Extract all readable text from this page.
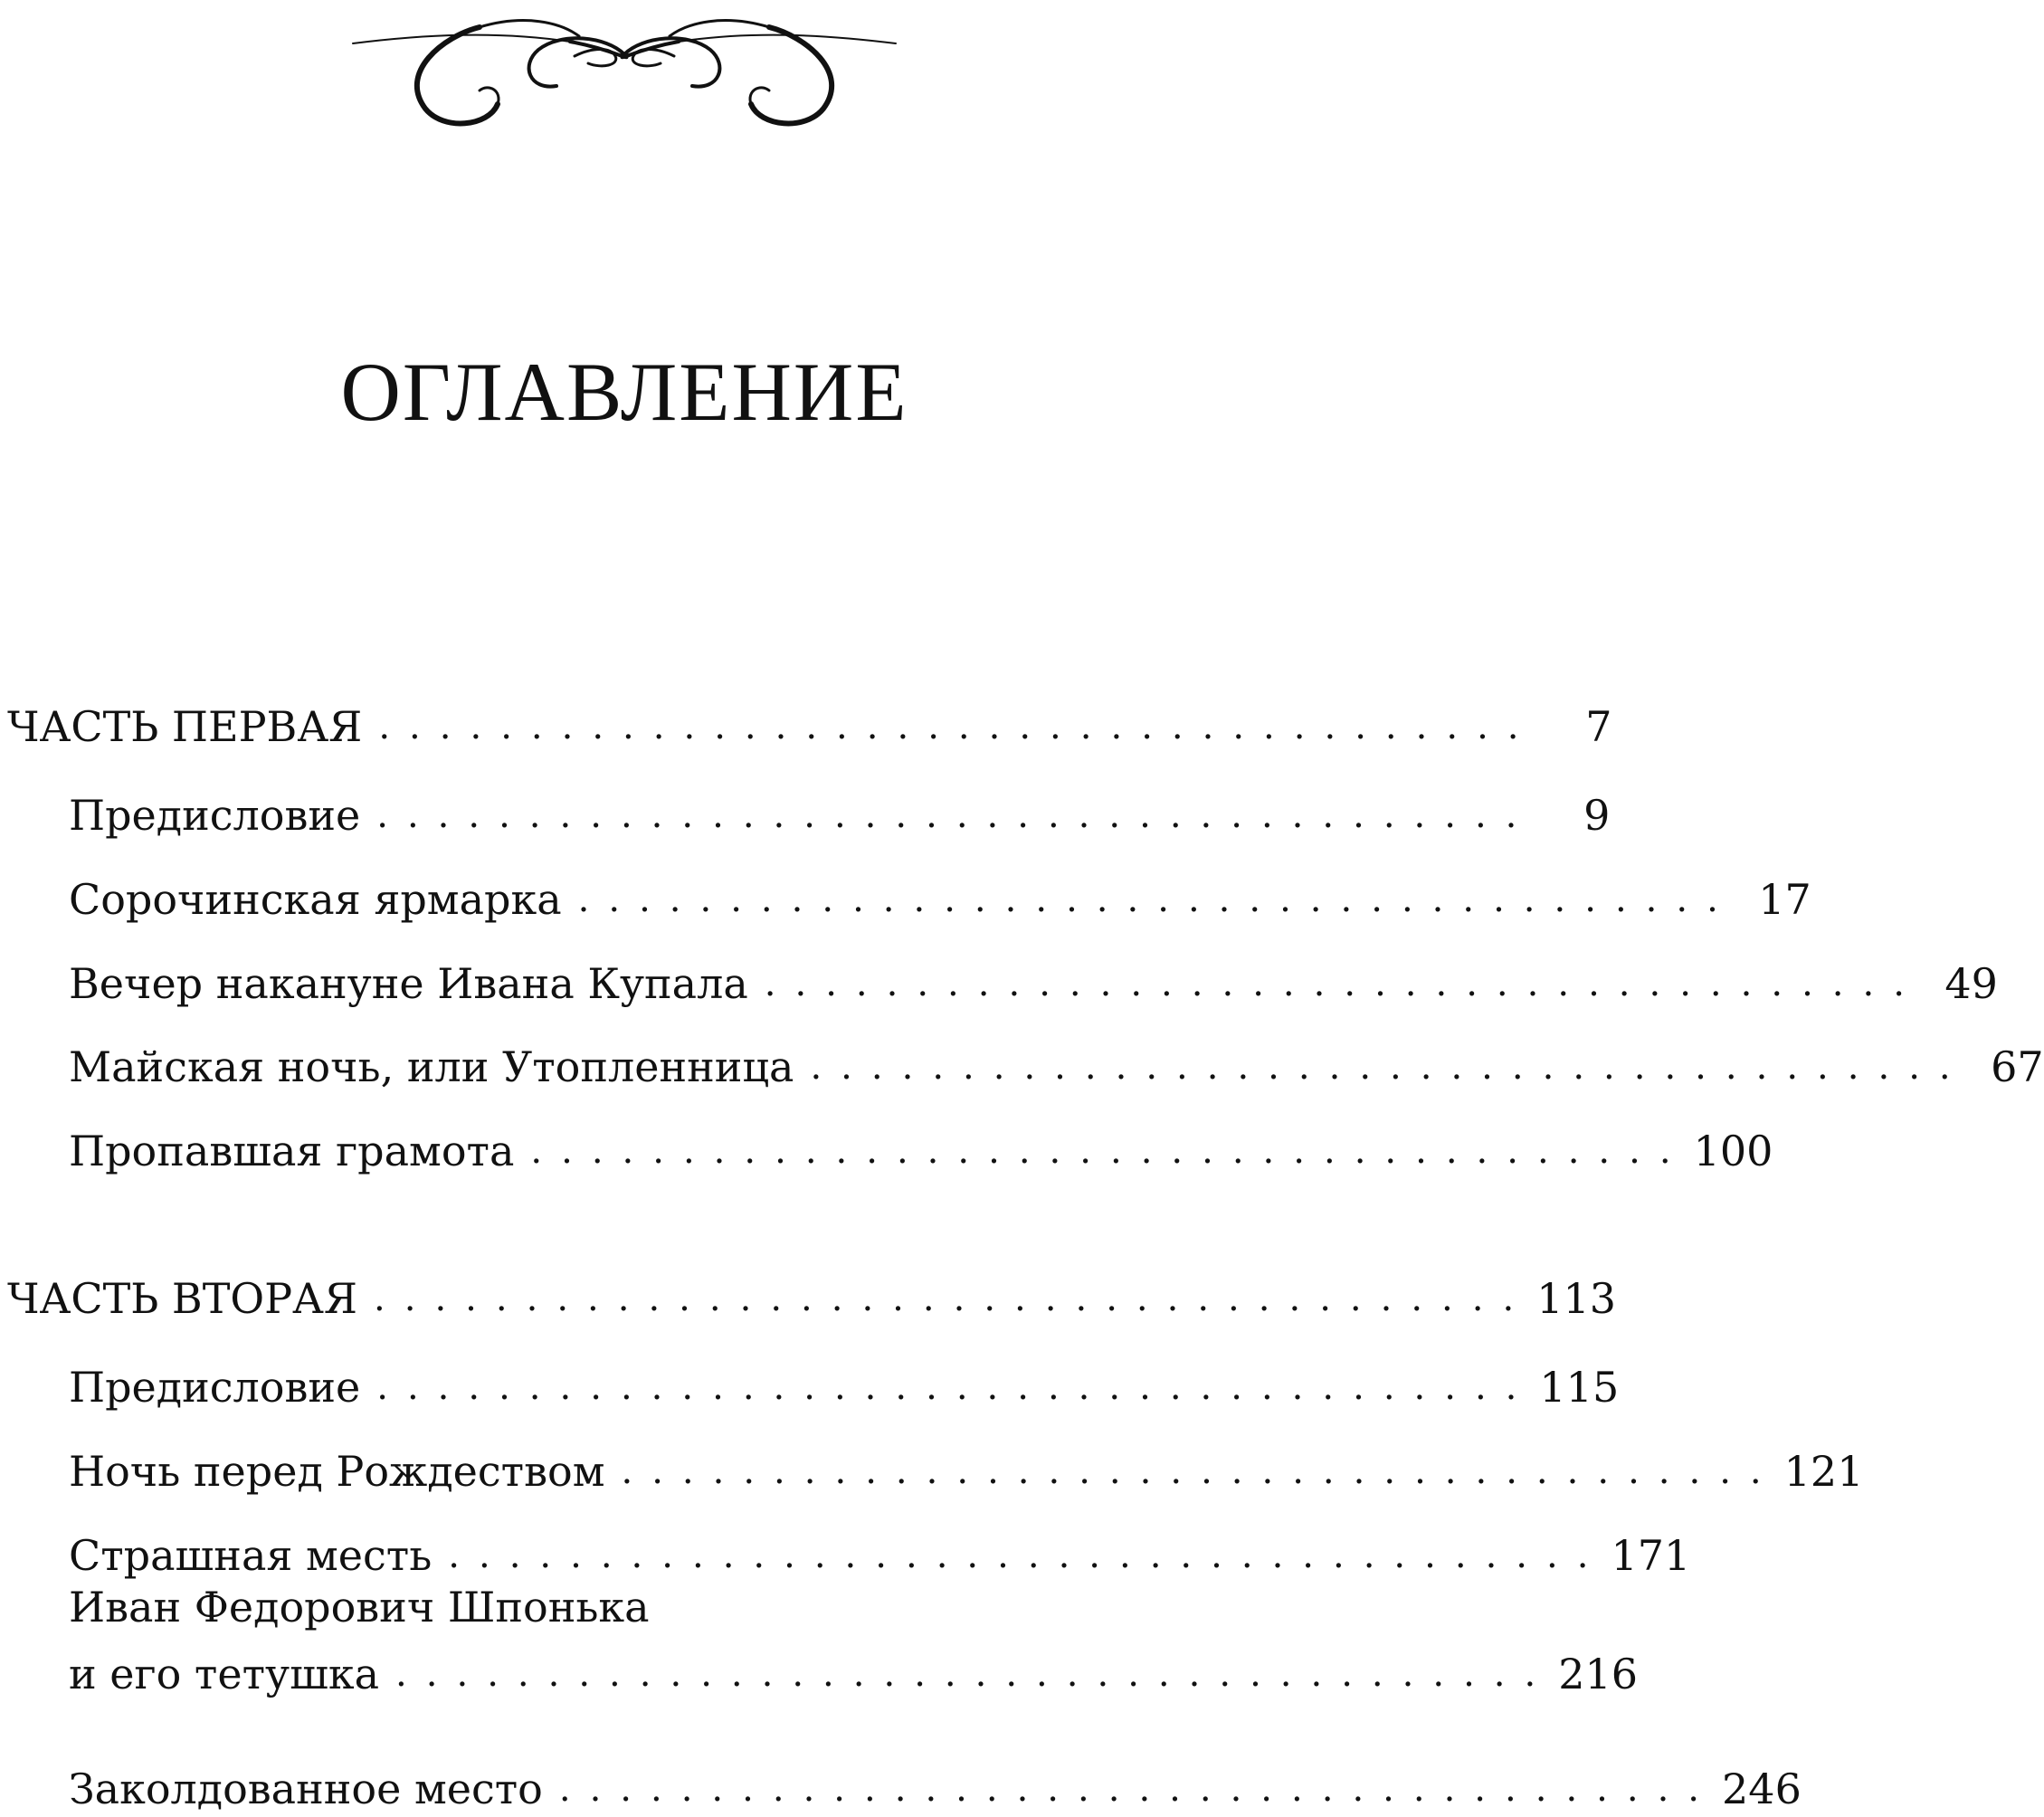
ОГЛАВЛЕНИЕ
ЧАСТЬ ПЕРВАЯ ......................................	7
Предисловие ......................................	9
Сорочинская ярмарка ...................................... 17
Вечер накануне Ивана Купала ...................................... 49
Майская ночь, или Утопленница ...................................... 67
Пропавшая грамота ...................................... 100
ЧАСТЬ ВТОРАЯ ...................................... 113
Предисловие ...................................... 115
Ночь перед Рождеством ...................................... 121
Страшная месть ...................................... 171
Иван Федорович Шпонька
и его тетушка ...................................... 216
Заколдованное место ...................................... 246
